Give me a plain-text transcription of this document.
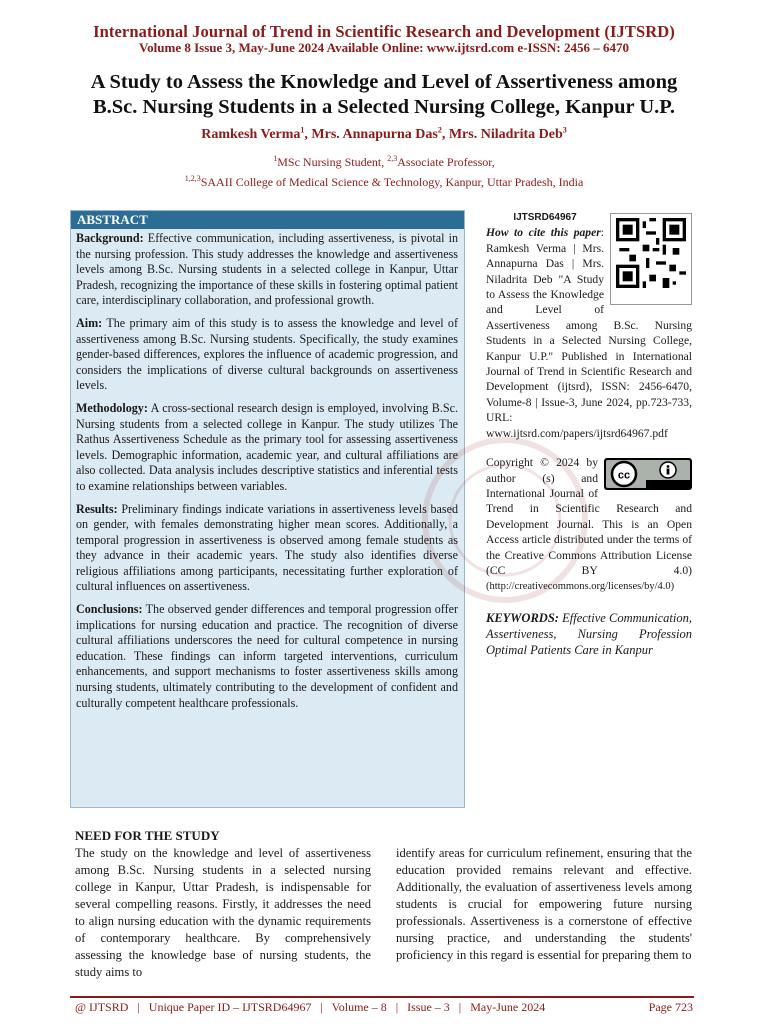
International Journal of Trend in Scientific Research and Development (IJTSRD)
Volume 8 Issue 3, May-June 2024 Available Online: www.ijtsrd.com e-ISSN: 2456 – 6470
A Study to Assess the Knowledge and Level of Assertiveness among
B.Sc. Nursing Students in a Selected Nursing College, Kanpur U.P.
Ramkesh Verma$^1$, Mrs. Annapurna Das$^2$, Mrs. Niladrita Deb$^3$
$^1$MSc Nursing Student, $^{2,3}$Associate Professor,
$^{1,2,3}$SAAII College of Medical Science & Technology, Kanpur, Uttar Pradesh, India
ABSTRACT

Background: Effective communication, including assertiveness, is pivotal in the nursing profession. This study addresses the knowledge and assertiveness levels among B.Sc. Nursing students in a selected college in Kanpur, Uttar Pradesh, recognizing the importance of these skills in fostering optimal patient care, interdisciplinary collaboration, and professional growth.

Aim: The primary aim of this study is to assess the knowledge and level of assertiveness among B.Sc. Nursing students. Specifically, the study examines gender-based differences, explores the influence of academic progression, and considers the implications of diverse cultural backgrounds on assertiveness levels.

Methodology: A cross-sectional research design is employed, involving B.Sc. Nursing students from a selected college in Kanpur. The study utilizes The Rathus Assertiveness Schedule as the primary tool for assessing assertiveness levels. Demographic information, academic year, and cultural affiliations are also collected. Data analysis includes descriptive statistics and inferential tests to examine relationships between variables.

Results: Preliminary findings indicate variations in assertiveness levels based on gender, with females demonstrating higher mean scores. Additionally, a temporal progression in assertiveness is observed among female students as they advance in their academic years. The study also identifies diverse religious affiliations among participants, necessitating further exploration of cultural influences on assertiveness.

Conclusions: The observed gender differences and temporal progression offer implications for nursing education and practice. The recognition of diverse cultural affiliations underscores the need for cultural competence in nursing education. These findings can inform targeted interventions, curriculum enhancements, and support mechanisms to foster assertiveness skills among nursing students, ultimately contributing to the development of confident and culturally competent healthcare professionals.

IJTSRD64967
How to cite this paper: Ramkesh Verma | Mrs. Annapurna Das | Mrs. Niladrita Deb "A Study to Assess the Knowledge and Level of Assertiveness among B.Sc. Nursing Students in a Selected Nursing College, Kanpur U.P." Published in International Journal of Trend in Scientific Research and Development (ijtsrd), ISSN: 2456-6470, Volume-8 | Issue-3, June 2024, pp.723-733, URL: www.ijtsrd.com/papers/ijtsrd64967.pdf

cc
Copyright © 2024 by author (s) and International Journal of Trend in Scientific Research and Development Journal. This is an Open Access article distributed under the terms of the Creative Commons Attribution License (CC BY 4.0) (http://creativecommons.org/licenses/by/4.0)

KEYWORDS: Effective Communication, Assertiveness, Nursing Profession Optimal Patients Care in Kanpur
NEED FOR THE STUDY
The study on the knowledge and level of assertiveness among B.Sc. Nursing students in a selected nursing college in Kanpur, Uttar Pradesh, is indispensable for several compelling reasons. Firstly, it addresses the need to align nursing education with the dynamic requirements of contemporary healthcare. By comprehensively assessing the knowledge base of nursing students, the study aims to
identify areas for curriculum refinement, ensuring that the education provided remains relevant and effective. Additionally, the evaluation of assertiveness levels among students is crucial for empowering future nursing professionals. Assertiveness is a cornerstone of effective nursing practice, and understanding the students' proficiency in this regard is essential for preparing them to
@ IJTSRD   |   Unique Paper ID – IJTSRD64967   |   Volume – 8   |   Issue – 3   |   May-June 2024	Page 723
